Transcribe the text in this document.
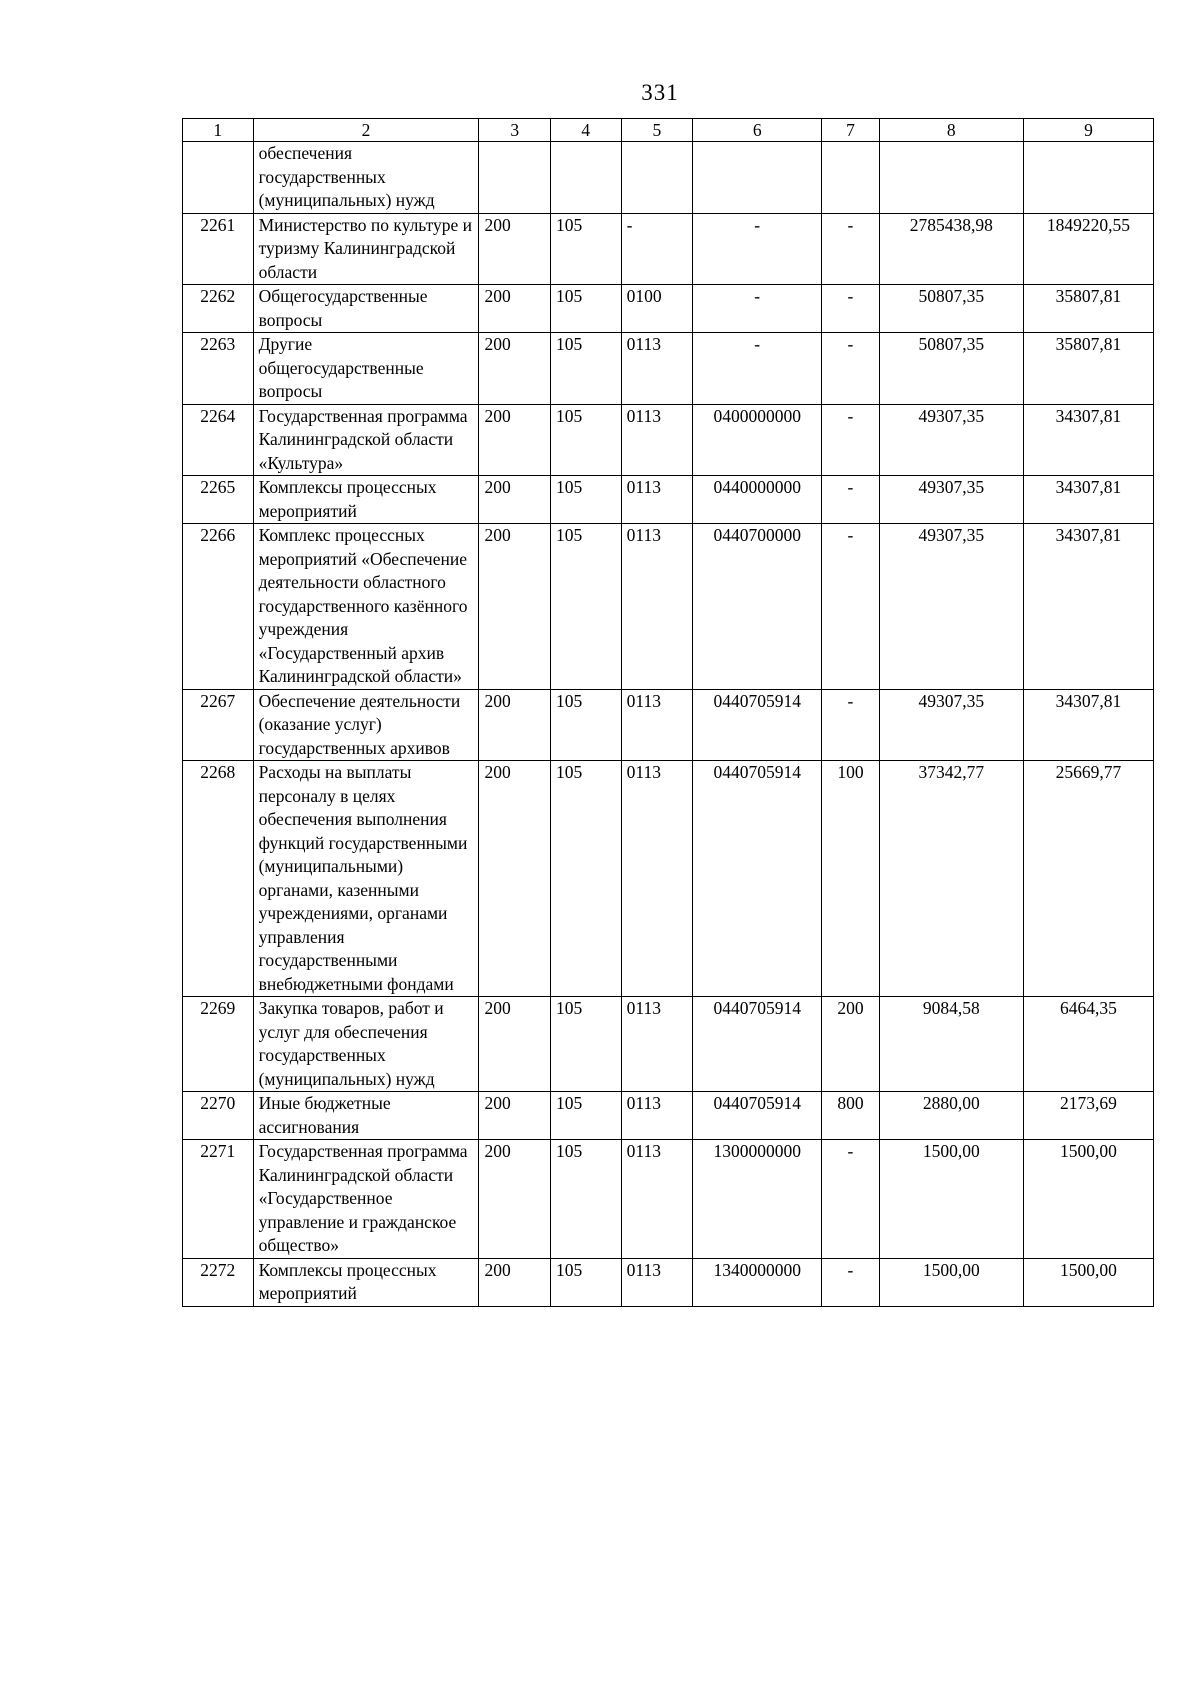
331
1	2	3	4	5	6	7	8	9
	обеспечения государственных (муниципальных) нужд							
2261	Министерство по культуре и туризму Калининградской области	200	105	-	-	-	2785438,98	1849220,55
2262	Общегосударственные вопросы	200	105	0100	-	-	50807,35	35807,81
2263	Другие общегосударственные вопросы	200	105	0113	-	-	50807,35	35807,81
2264	Государственная программа Калининградской области «Культура»	200	105	0113	0400000000	-	49307,35	34307,81
2265	Комплексы процессных мероприятий	200	105	0113	0440000000	-	49307,35	34307,81
2266	Комплекс процессных мероприятий «Обеспечение деятельности областного государственного казённого учреждения «Государственный архив Калининградской области»	200	105	0113	0440700000	-	49307,35	34307,81
2267	Обеспечение деятельности (оказание услуг) государственных архивов	200	105	0113	0440705914	-	49307,35	34307,81
2268	Расходы на выплаты персоналу в целях обеспечения выполнения функций государственными (муниципальными) органами, казенными учреждениями, органами управления государственными внебюджетными фондами	200	105	0113	0440705914	100	37342,77	25669,77
2269	Закупка товаров, работ и услуг для обеспечения государственных (муниципальных) нужд	200	105	0113	0440705914	200	9084,58	6464,35
2270	Иные бюджетные ассигнования	200	105	0113	0440705914	800	2880,00	2173,69
2271	Государственная программа Калининградской области «Государственное управление и гражданское общество»	200	105	0113	1300000000	-	1500,00	1500,00
2272	Комплексы процессных мероприятий	200	105	0113	1340000000	-	1500,00	1500,00
